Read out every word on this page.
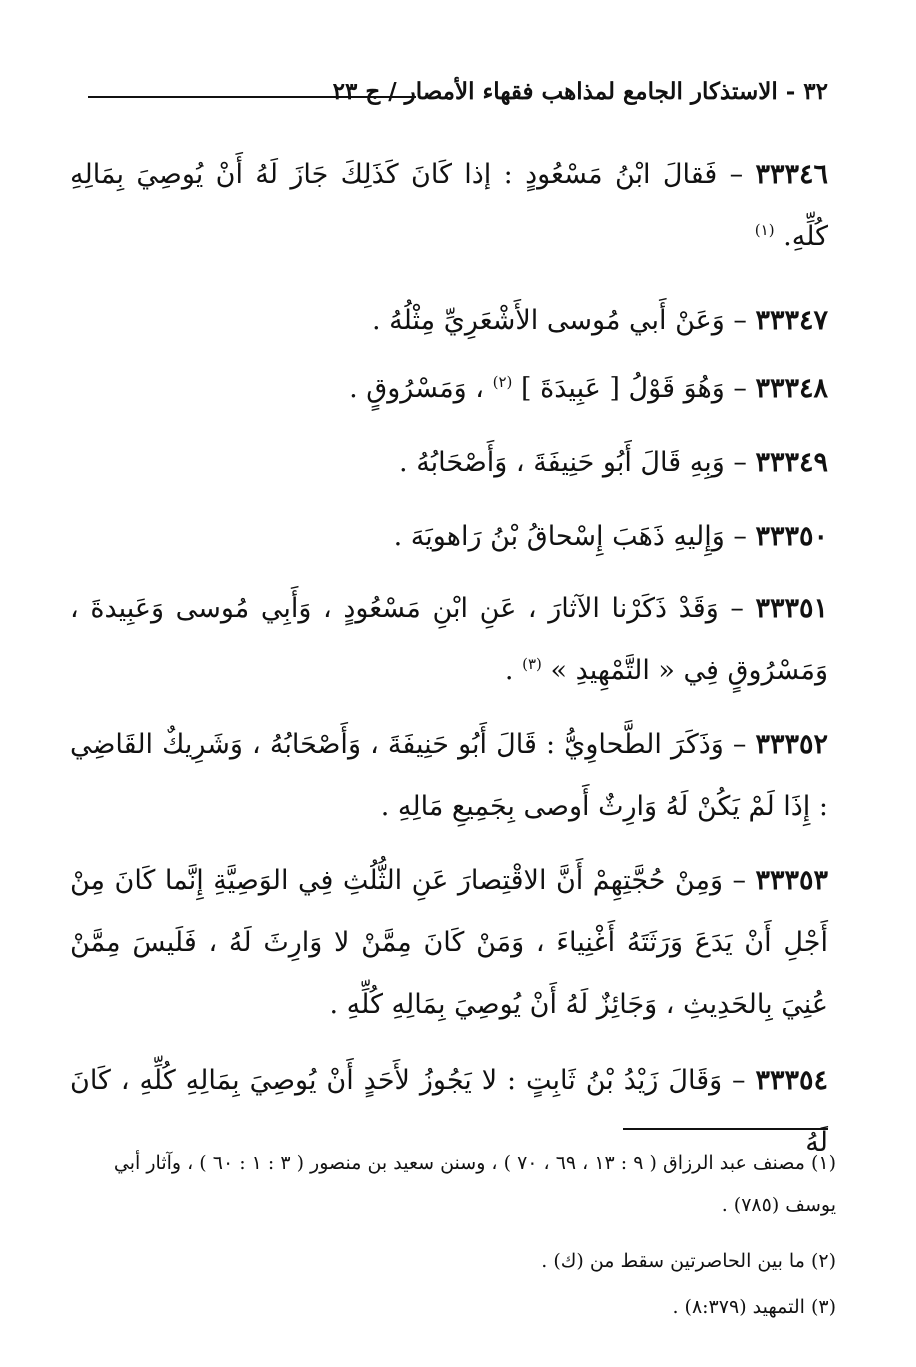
٣٢ - الاستذكار الجامع لمذاهب فقهاء الأمصار / ج ٢٣
٣٣٣٤٦ – فَقالَ ابْنُ مَسْعُودٍ : إذا كَانَ كَذَلِكَ جَازَ لَهُ أَنْ يُوصِيَ بِمَالِهِ كُلِّهِ. $^{(١)}$
٣٣٣٤٧ – وَعَنْ أَبي مُوسى الأَشْعَرِيِّ مِثْلُهُ .
٣٣٣٤٨ – وَهُوَ قَوْلُ [ عَبِيدَةَ ] $^{(٢)}$ ، وَمَسْرُوقٍ .
٣٣٣٤٩ – وَبِهِ قَالَ أَبُو حَنِيفَةَ ، وَأَصْحَابُهُ .
٣٣٣٥٠ – وَإِليهِ ذَهَبَ إِسْحاقُ بْنُ رَاهويَهَ .
٣٣٣٥١ – وَقَدْ ذَكَرْنا الآثارَ ، عَنِ ابْنِ مَسْعُودٍ ، وَأَبِي مُوسى وَعَبِيدةَ ، وَمَسْرُوقٍ فِي « التَّمْهِيدِ » $^{(٣)}$ .
٣٣٣٥٢ – وَذَكَرَ الطَّحاوِيُّ : قَالَ أَبُو حَنِيفَةَ ، وَأَصْحَابُهُ ، وَشَرِيكٌ القَاضِي : إِذَا لَمْ يَكُنْ لَهُ وَارِثٌ أَوصى بِجَمِيعِ مَالِهِ .
٣٣٣٥٣ – وَمِنْ حُجَّتِهِمْ أَنَّ الاقْتِصارَ عَنِ الثُّلُثِ فِي الوَصِيَّةِ إِنَّما كَانَ مِنْ أَجْلِ أَنْ يَدَعَ وَرَثَتَهُ أَغْنِياءَ ، وَمَنْ كَانَ مِمَّنْ لا وَارِثَ لَهُ ، فَلَيسَ مِمَّنْ عُنِيَ بِالحَدِيثِ ، وَجَائِزٌ لَهُ أَنْ يُوصِيَ بِمَالِهِ كُلِّهِ .
٣٣٣٥٤ – وَقَالَ زَيْدُ بْنُ ثَابِتٍ : لا يَجُوزُ لأَحَدٍ أَنْ يُوصِيَ بِمَالِهِ كُلِّهِ ، كَانَ لَهُ
(١) مصنف عبد الرزاق ( ٩ : ١٣ ، ٦٩ ، ٧٠ ) ، وسنن سعيد بن منصور ( ٣ : ١ : ٦٠ ) ، وآثار أبي يوسف (٧٨٥) .
(٢) ما بين الحاصرتين سقط من (ك) .
(٣) التمهيد (٨:٣٧٩) .
